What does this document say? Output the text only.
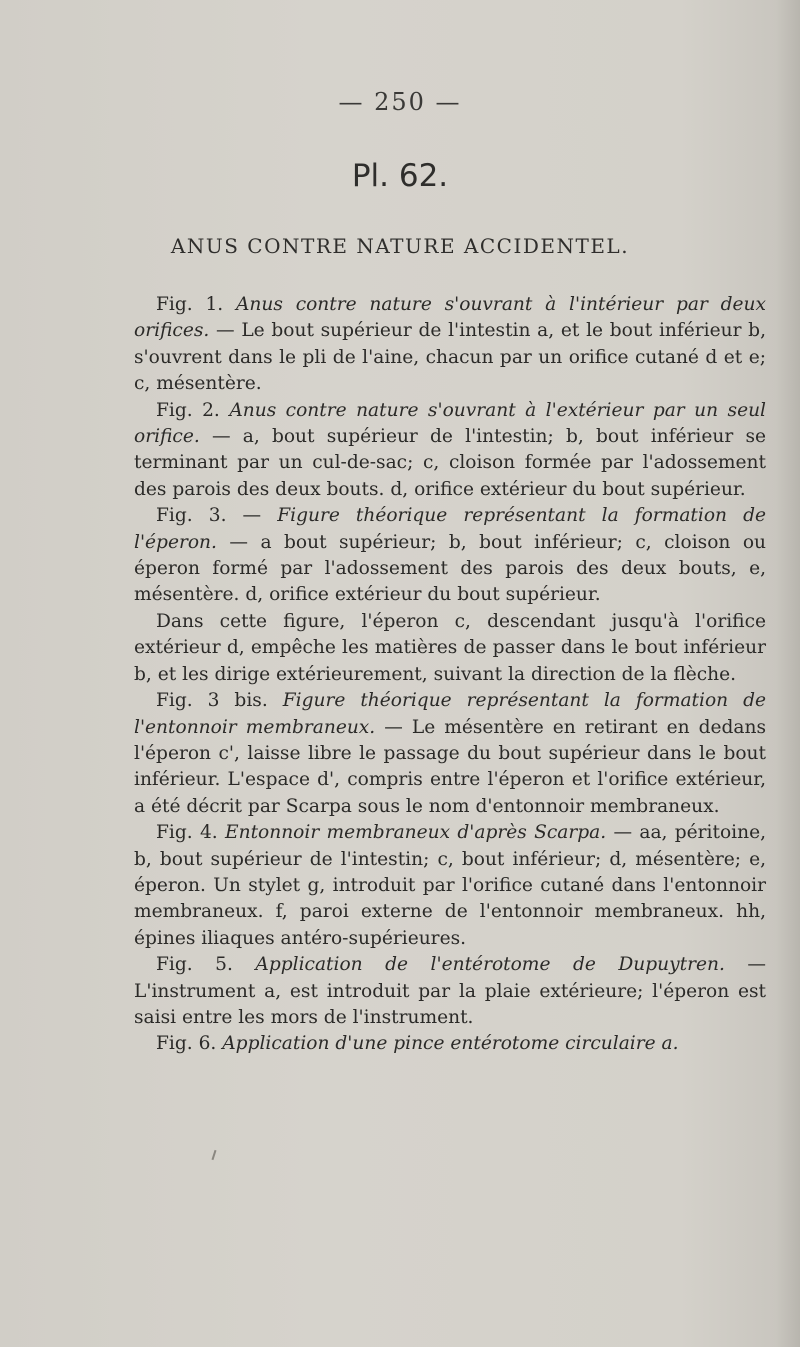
— 250 —
Pl. 62.
ANUS CONTRE NATURE ACCIDENTEL.

Fig. 1. Anus contre nature s'ouvrant à l'intérieur par deux orifices. — Le bout supérieur de l'intestin a, et le bout inférieur b, s'ouvrent dans le pli de l'aine, chacun par un orifice cutané d et e; c, mésentère.

Fig. 2. Anus contre nature s'ouvrant à l'extérieur par un seul orifice. — a, bout supérieur de l'intestin; b, bout inférieur se terminant par un cul-de-sac; c, cloison formée par l'adossement des parois des deux bouts. d, orifice extérieur du bout supérieur.

Fig. 3. — Figure théorique représentant la formation de l'éperon. — a bout supérieur; b, bout inférieur; c, cloison ou éperon formé par l'adossement des parois des deux bouts, e, mésentère. d, orifice extérieur du bout supérieur.

Dans cette figure, l'éperon c, descendant jusqu'à l'orifice extérieur d, empêche les matières de passer dans le bout inférieur b, et les dirige extérieurement, suivant la direction de la flèche.

Fig. 3 bis. Figure théorique représentant la formation de l'entonnoir membraneux. — Le mésentère en retirant en dedans l'éperon c', laisse libre le passage du bout supérieur dans le bout inférieur. L'espace d', compris entre l'éperon et l'orifice extérieur, a été décrit par Scarpa sous le nom d'entonnoir membraneux.

Fig. 4. Entonnoir membraneux d'après Scarpa. — aa, péritoine, b, bout supérieur de l'intestin; c, bout inférieur; d, mésentère; e, éperon. Un stylet g, introduit par l'orifice cutané dans l'entonnoir membraneux. f, paroi externe de l'entonnoir membraneux. hh, épines iliaques antéro-supérieures.

Fig. 5. Application de l'entérotome de Dupuytren. — L'instrument a, est introduit par la plaie extérieure; l'éperon est saisi entre les mors de l'instrument.

Fig. 6. Application d'une pince entérotome circulaire a.
